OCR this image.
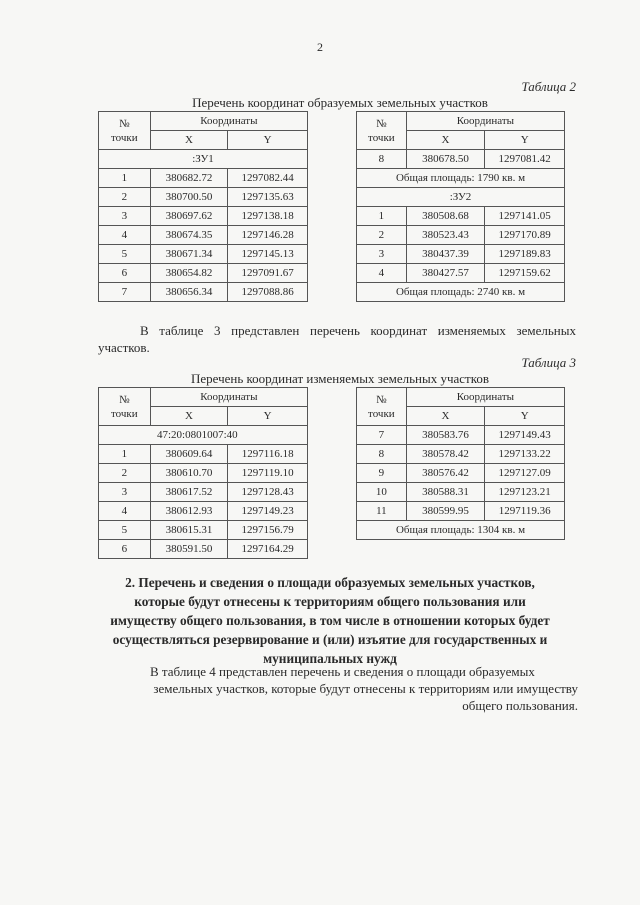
2
Таблица 2
Перечень координат образуемых земельных участков
№
точки	Координаты	
	X	Y
:ЗУ1		
1	380682.72	1297082.44
2	380700.50	1297135.63
3	380697.62	1297138.18
4	380674.35	1297146.28
5	380671.34	1297145.13
6	380654.82	1297091.67
7	380656.34	1297088.86
№
точки	Координаты	
	X	Y
8	380678.50	1297081.42
Общая площадь: 1790 кв. м		
:ЗУ2		
1	380508.68	1297141.05
2	380523.43	1297170.89
3	380437.39	1297189.83
4	380427.57	1297159.62
Общая площадь: 2740 кв. м		
В таблице 3 представлен перечень координат изменяемых земельных
участков.
Таблица 3
Перечень координат изменяемых земельных участков
№
точки	Координаты	
	X	Y
47:20:0801007:40		
1	380609.64	1297116.18
2	380610.70	1297119.10
3	380617.52	1297128.43
4	380612.93	1297149.23
5	380615.31	1297156.79
6	380591.50	1297164.29
№
точки	Координаты	
	X	Y
7	380583.76	1297149.43
8	380578.42	1297133.22
9	380576.42	1297127.09
10	380588.31	1297123.21
11	380599.95	1297119.36
Общая площадь: 1304 кв. м		
2. Перечень и сведения о площади образуемых земельных участков,
которые будут отнесены к территориям общего пользования или
имуществу общего пользования, в том числе в отношении которых будет
осуществляться резервирование и (или) изъятие для государственных и
муниципальных нужд
В таблице 4 представлен перечень и сведения о площади образуемых
земельных участков, которые будут отнесены к территориям или имуществу
общего пользования.
